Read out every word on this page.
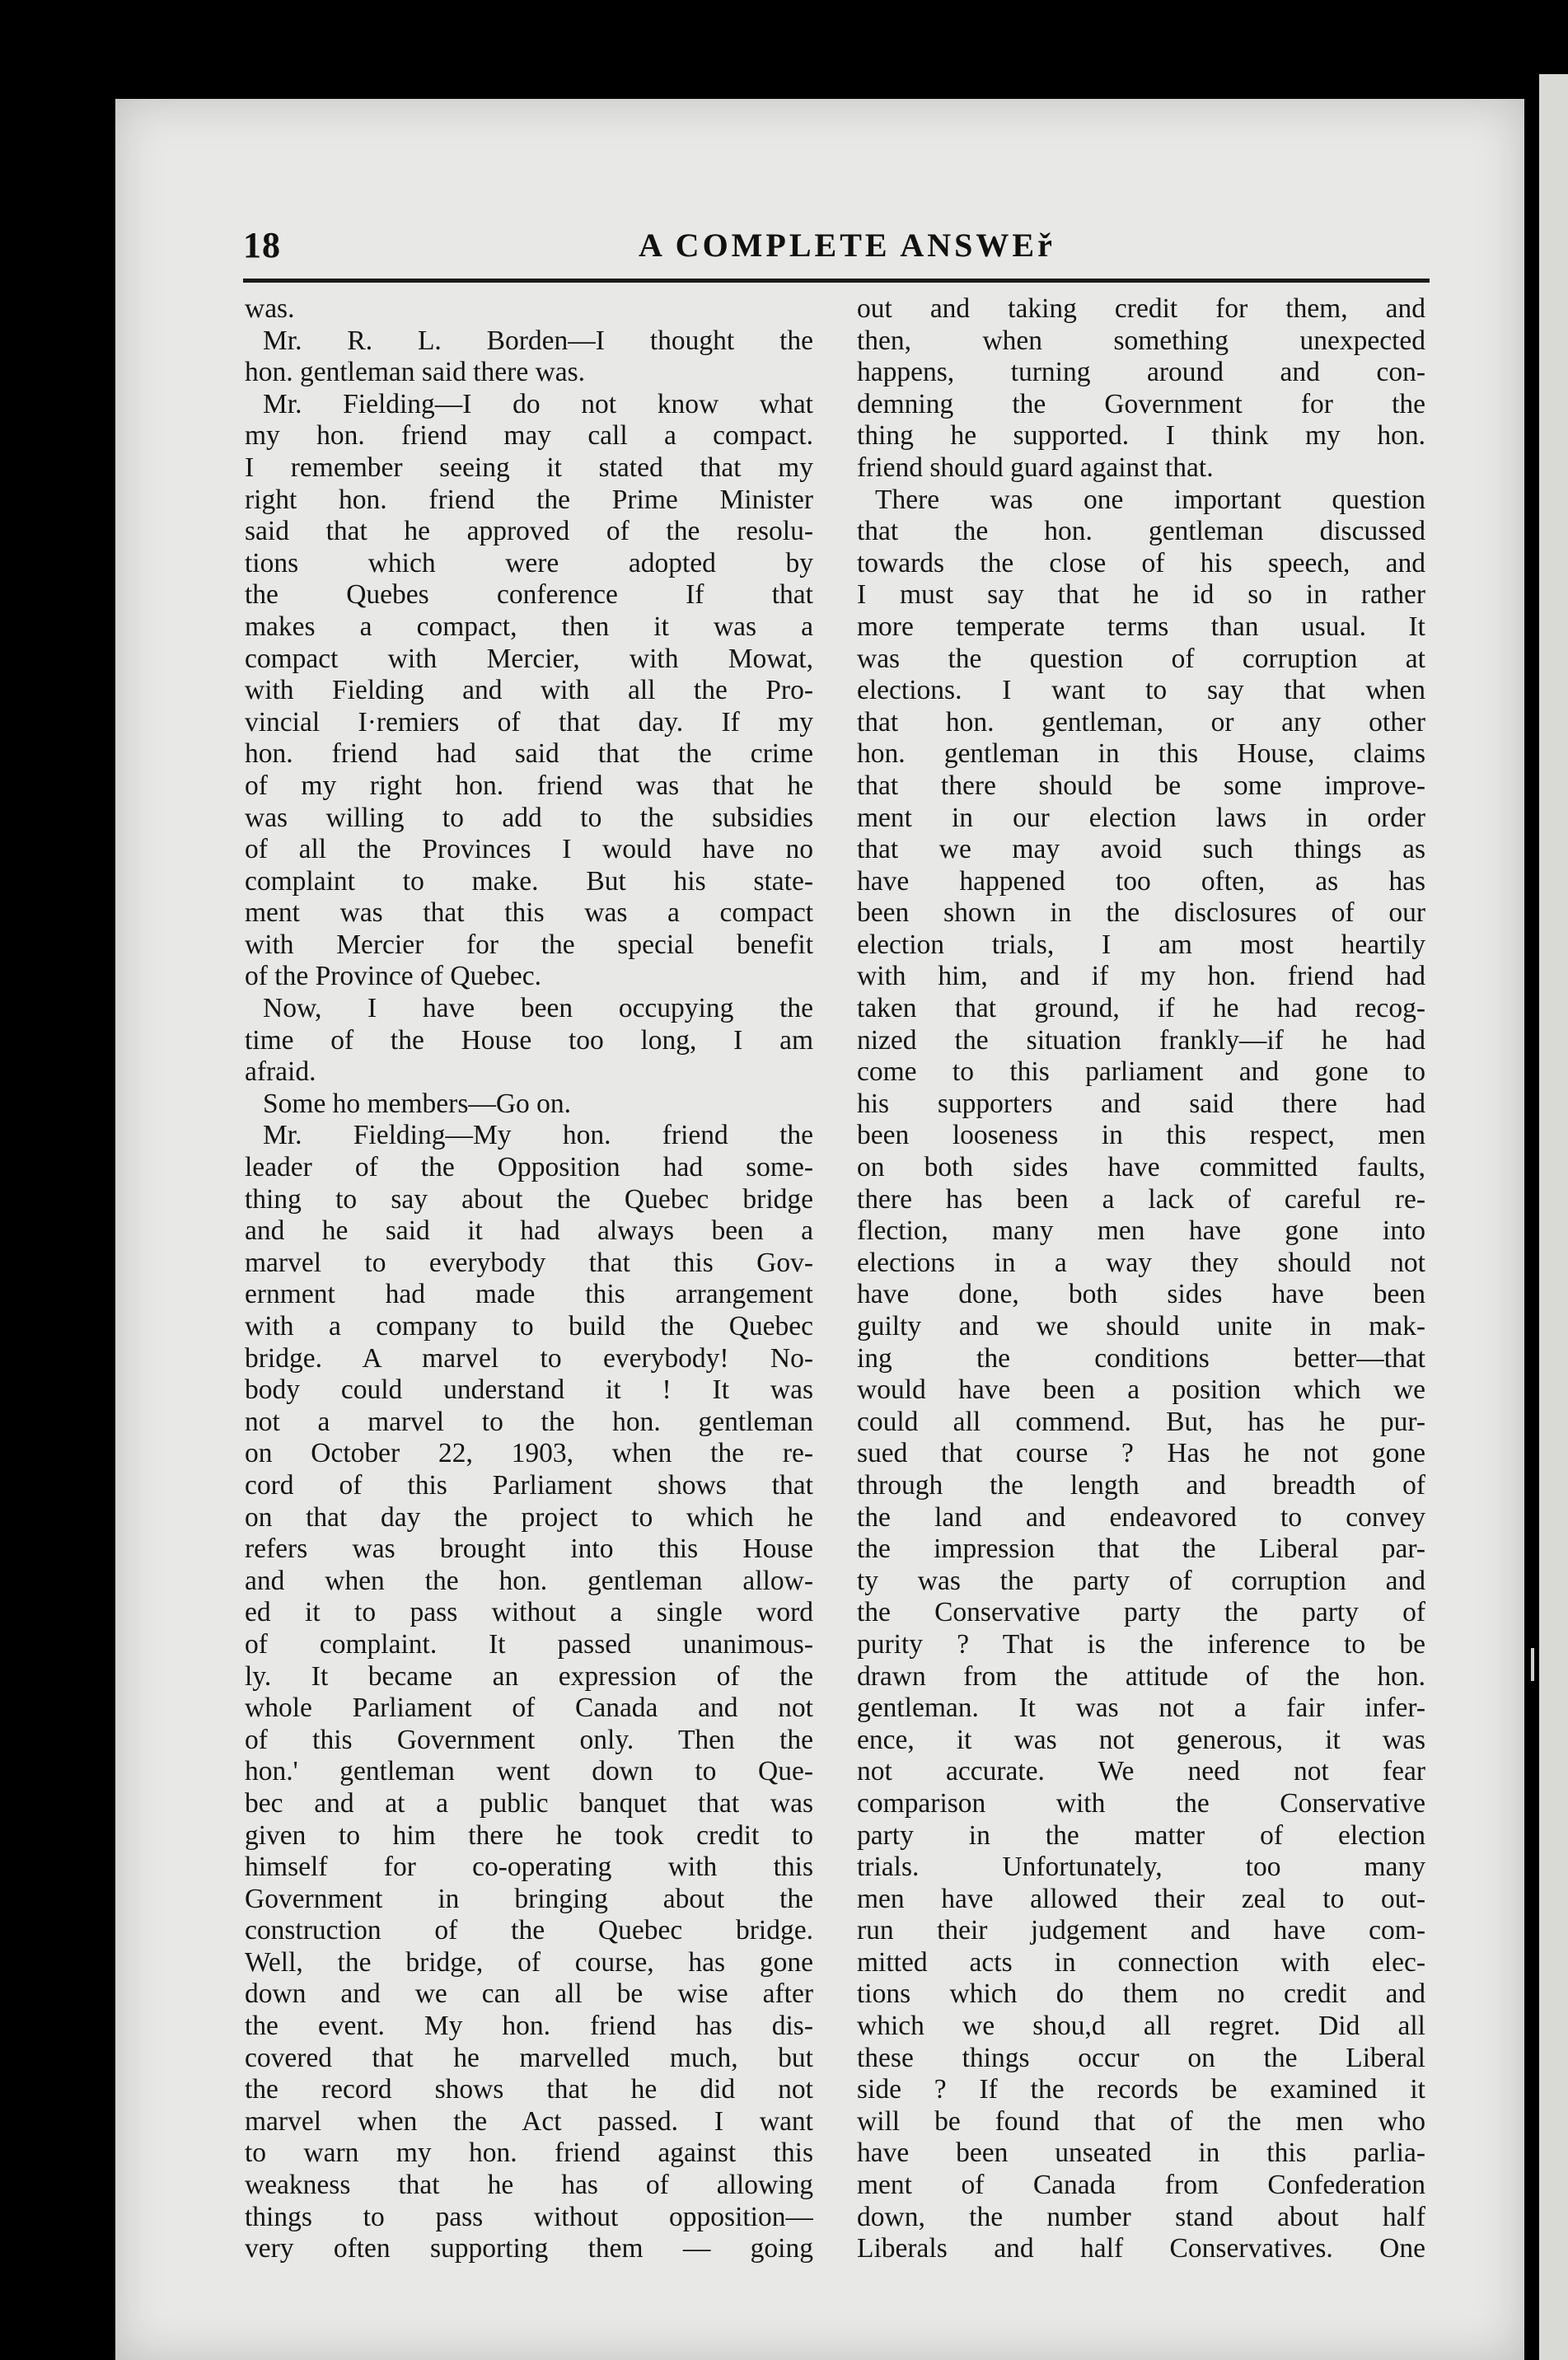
18	A COMPLETE ANSWEř
was.
Mr. R. L. Borden—I thought the
hon. gentleman said there was.
Mr. Fielding—I do not know what
my hon. friend may call a compact.
I remember seeing it stated that my
right hon. friend the Prime Minister
said that he approved of the resolu-
tions which were adopted by
the Quebes conference If that
makes a compact, then it was a
compact with Mercier, with Mowat,
with Fielding and with all the Pro-
vincial I·remiers of that day. If my
hon. friend had said that the crime
of my right hon. friend was that he
was willing to add to the subsidies
of all the Provinces I would have no
complaint to make. But his state-
ment was that this was a compact
with Mercier for the special benefit
of the Province of Quebec.
Now, I have been occupying the
time of the House too long, I am
afraid.
Some ho members—Go on.
Mr. Fielding—My hon. friend the
leader of the Opposition had some-
thing to say about the Quebec bridge
and he said it had always been a
marvel to everybody that this Gov-
ernment had made this arrangement
with a company to build the Quebec
bridge. A marvel to everybody! No-
body could understand it ! It was
not a marvel to the hon. gentleman
on October 22, 1903, when the re-
cord of this Parliament shows that
on that day the project to which he
refers was brought into this House
and when the hon. gentleman allow-
ed it to pass without a single word
of complaint. It passed unanimous-
ly. It became an expression of the
whole Parliament of Canada and not
of this Government only. Then the
hon.' gentleman went down to Que-
bec and at a public banquet that was
given to him there he took credit to
himself for co-operating with this
Government in bringing about the
construction of the Quebec bridge.
Well, the bridge, of course, has gone
down and we can all be wise after
the event. My hon. friend has dis-
covered that he marvelled much, but
the record shows that he did not
marvel when the Act passed. I want
to warn my hon. friend against this
weakness that he has of allowing
things to pass without opposition—
very often supporting them — going
out and taking credit for them, and
then, when something unexpected
happens, turning around and con-
demning the Government for the
thing he supported. I think my hon.
friend should guard against that.
There was one important question
that the hon. gentleman discussed
towards the close of his speech, and
I must say that he id so in rather
more temperate terms than usual. It
was the question of corruption at
elections. I want to say that when
that hon. gentleman, or any other
hon. gentleman in this House, claims
that there should be some improve-
ment in our election laws in order
that we may avoid such things as
have happened too often, as has
been shown in the disclosures of our
election trials, I am most heartily
with him, and if my hon. friend had
taken that ground, if he had recog-
nized the situation frankly—if he had
come to this parliament and gone to
his supporters and said there had
been looseness in this respect, men
on both sides have committed faults,
there has been a lack of careful re-
flection, many men have gone into
elections in a way they should not
have done, both sides have been
guilty and we should unite in mak-
ing the conditions better—that
would have been a position which we
could all commend. But, has he pur-
sued that course ? Has he not gone
through the length and breadth of
the land and endeavored to convey
the impression that the Liberal par-
ty was the party of corruption and
the Conservative party the party of
purity ? That is the inference to be
drawn from the attitude of the hon.
gentleman. It was not a fair infer-
ence, it was not generous, it was
not accurate. We need not fear
comparison with the Conservative
party in the matter of election
trials. Unfortunately, too many
men have allowed their zeal to out-
run their judgement and have com-
mitted acts in connection with elec-
tions which do them no credit and
which we shou,d all regret. Did all
these things occur on the Liberal
side ? If the records be examined it
will be found that of the men who
have been unseated in this parlia-
ment of Canada from Confederation
down, the number stand about half
Liberals and half Conservatives. One
